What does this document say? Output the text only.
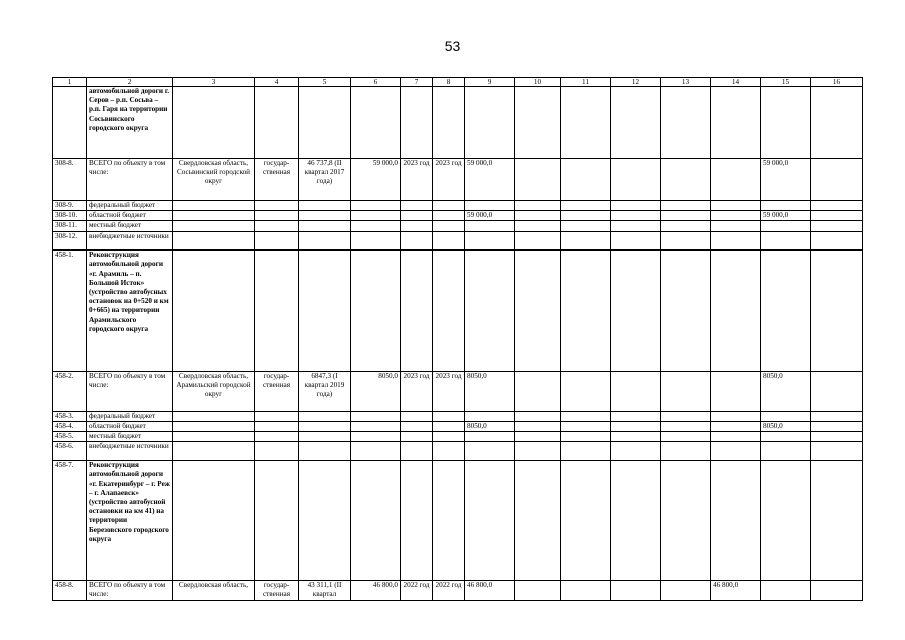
53
1	2	3	4	5	6	7	8	9	10	11	12	13	14	15	16
	автомобильной дороги г. Серов – р.п. Сосьва – р.п. Гаря на территории Сосьвинского городского округа														
308-8.	ВСЕГО по объекту в том числе:	Свердловская область, Сосьвинский городской округ	государ-ственная	46 737,8 (II квартал 2017 года)	59 000,0	2023 год	2023 год	59 000,0						59 000,0	
308-9.	федеральный бюджет														
308-10.	областной бюджет							59 000,0						59 000,0	
308-11.	местный бюджет														
308-12.	внебюджетные источники														
458-1.	Реконструкция автомобильной дороги «г. Арамиль – п. Большой Исток» (устройство автобусных остановок на 0+520 и км 0+665) на территории Арамильского городского округа														
458-2.	ВСЕГО по объекту в том числе:	Свердловская область, Арамильский городской округ	государ-ственная	6847,3 (I квартал 2019 года)	8050,0	2023 год	2023 год	8050,0						8050,0	
458-3.	федеральный бюджет														
458-4.	областной бюджет							8050,0						8050,0	
458-5.	местный бюджет														
458-6.	внебюджетные источники														
458-7.	Реконструкция автомобильной дороги «г. Екатеринбург – г. Реж – г. Алапаевск» (устройство автобусной остановки на км 41) на территории Березовского городского округа														
458-8.	ВСЕГО по объекту в том числе:	Свердловская область,	государ-ственная	43 311,1 (II квартал	46 800,0	2022 год	2022 год	46 800,0					46 800,0		
